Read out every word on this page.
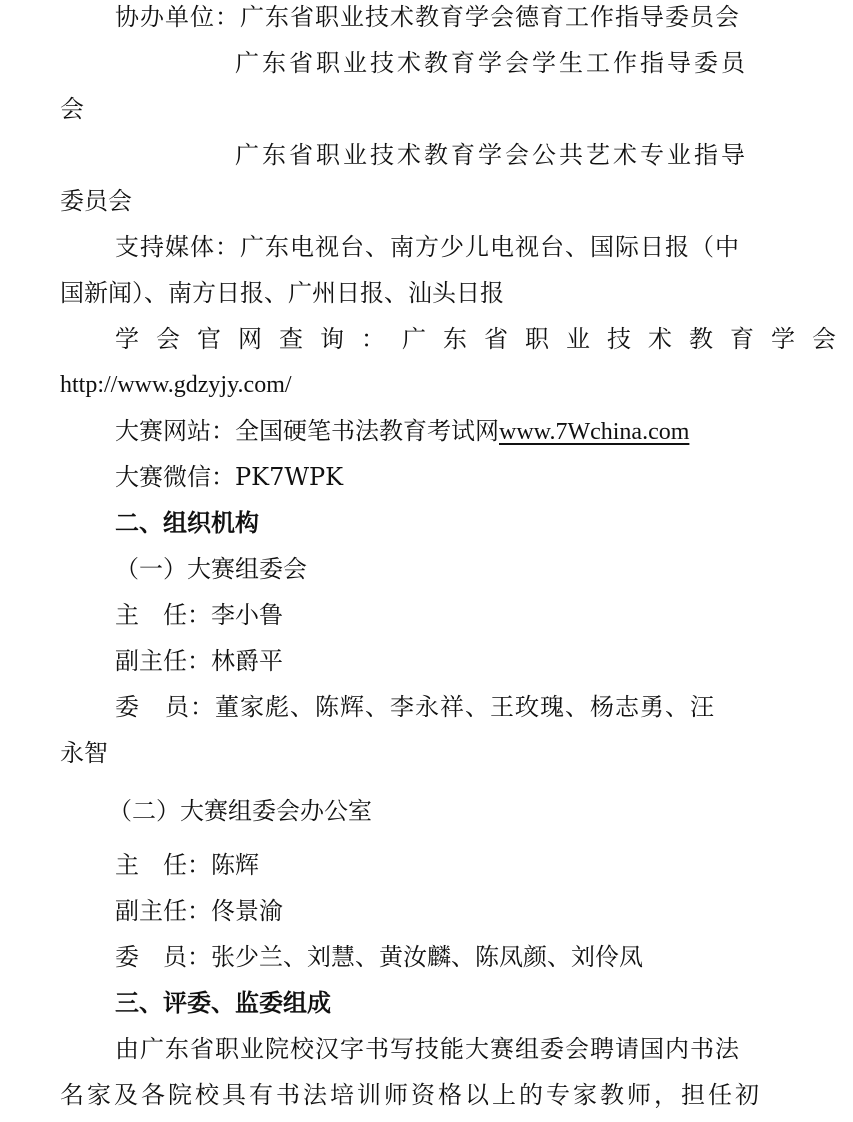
协办单位：广东省职业技术教育学会德育工作指导委员会
广东省职业技术教育学会学生工作指导委员
会
广东省职业技术教育学会公共艺术专业指导
委员会
支持媒体：广东电视台、南方少儿电视台、国际日报（中
国新闻）、南方日报、广州日报、汕头日报
学会官网查询：广东省职业技术教育学会
http://www.gdzyjy.com/
大赛网站：全国硬笔书法教育考试网www.7Wchina.com
大赛微信：PK7WPK
二、组织机构
（一）大赛组委会
主　任：李小鲁
副主任：林爵平
委　员：董家彪、陈辉、李永祥、王玫瑰、杨志勇、汪
永智
（二）大赛组委会办公室
主　任：陈辉
副主任：佟景渝
委　员：张少兰、刘慧、黄汝麟、陈凤颜、刘伶凤
三、评委、监委组成
由广东省职业院校汉字书写技能大赛组委会聘请国内书法
名家及各院校具有书法培训师资格以上的专家教师，担任初
